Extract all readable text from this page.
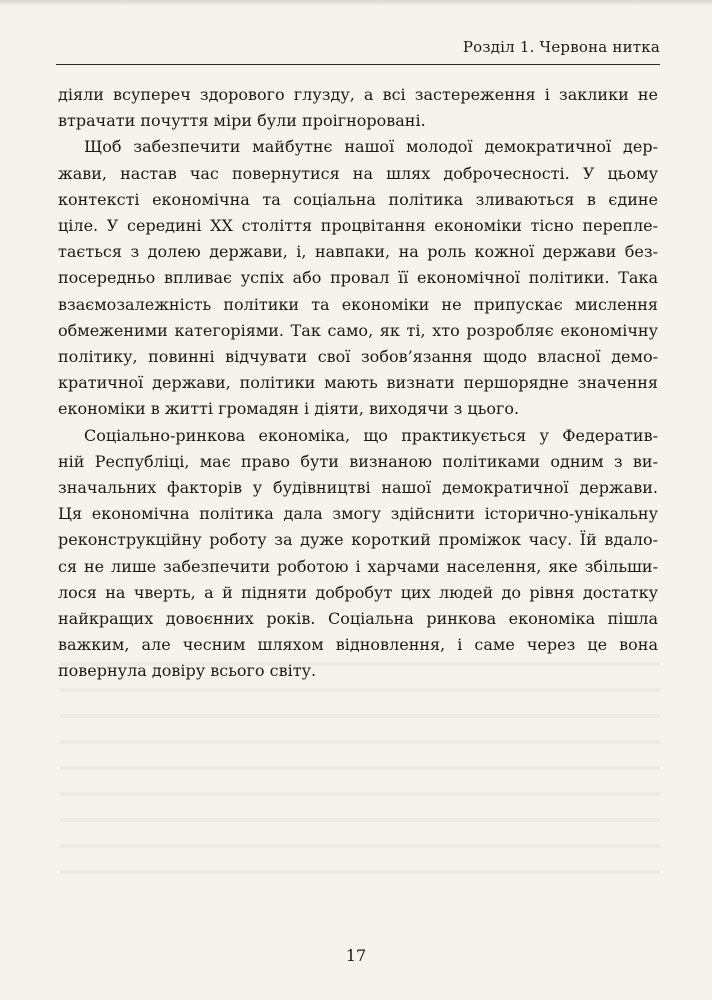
Розділ 1. Червона нитка

діяли всупереч здорового глузду, а всі застереження і заклики не
втрачати почуття міри були проігноровані.

Щоб забезпечити майбутнє нашої молодої демократичної дер-
жави, настав час повернутися на шлях доброчесності. У цьому
контексті економічна та соціальна політика зливаються в єдине
ціле. У середині XX століття процвітання економіки тісно перепле-
тається з долею держави, і, навпаки, на роль кожної держави без-
посередньо впливає успіх або провал її економічної політики. Така
взаємозалежність політики та економіки не припускає мислення
обмеженими категоріями. Так само, як ті, хто розробляє економічну
політику, повинні відчувати свої зобов’язання щодо власної демо-
кратичної держави, політики мають визнати першорядне значення
економіки в житті громадян і діяти, виходячи з цього.

Соціально-ринкова економіка, що практикується у Федератив-
ній Республіці, має право бути визнаною політиками одним з ви-
значальних факторів у будівництві нашої демократичної держави.
Ця економічна політика дала змогу здійснити історично-унікальну
реконструкційну роботу за дуже короткий проміжок часу. Їй вдало-
ся не лише забезпечити роботою і харчами населення, яке збільши-
лося на чверть, а й підняти добробут цих людей до рівня достатку
найкращих довоєнних років. Соціальна ринкова економіка пішла
важким, але чесним шляхом відновлення, і саме через це вона
повернула довіру всього світу.

17
